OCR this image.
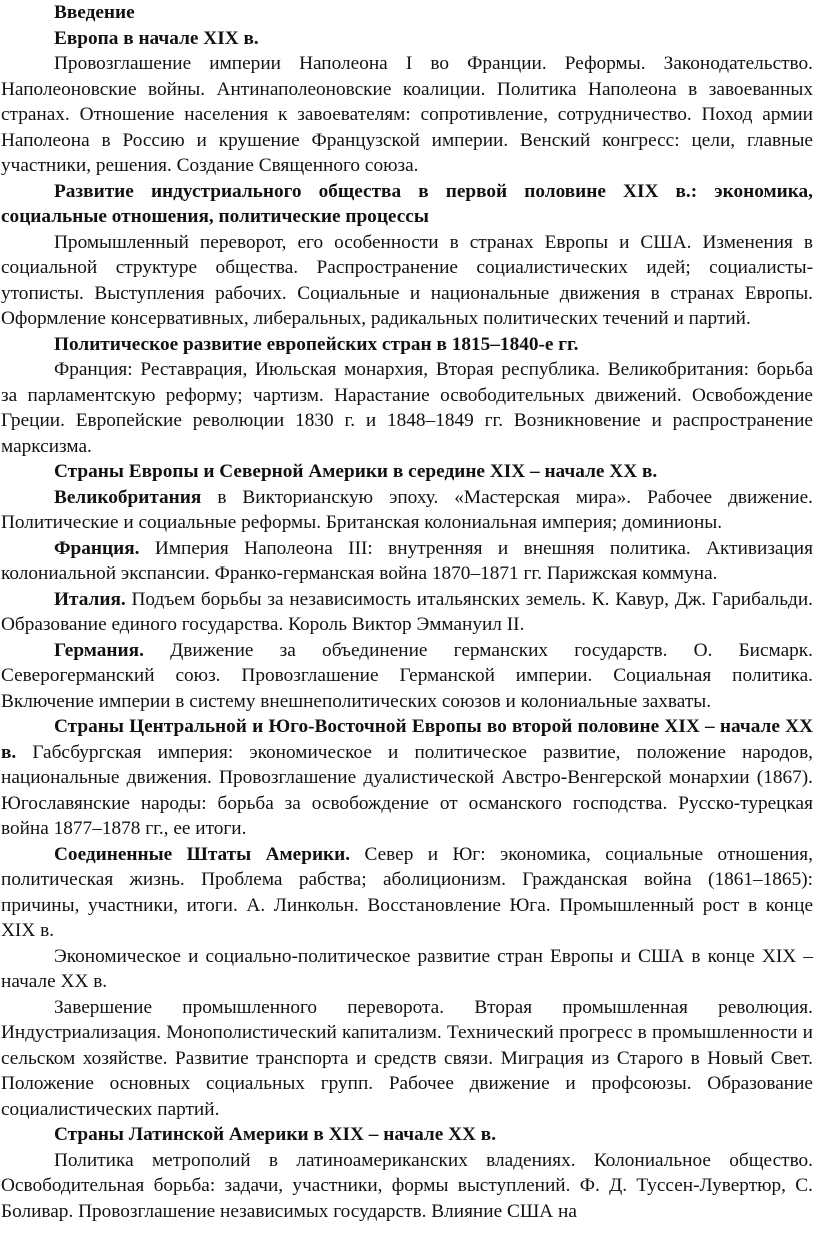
Введение

Европа в начале XIX в.

Провозглашение империи Наполеона I во Франции. Реформы. Законодательство. Наполеоновские войны. Антинаполеоновские коалиции. Политика Наполеона в завоеванных странах. Отношение населения к завоевателям: сопротивление, сотрудничество. Поход армии Наполеона в Россию и крушение Французской империи. Венский конгресс: цели, главные участники, решения. Создание Священного союза.

Развитие индустриального общества в первой половине XIX в.: экономика, социальные отношения, политические процессы

Промышленный переворот, его особенности в странах Европы и США. Изменения в социальной структуре общества. Распространение социалистических идей; социалисты-утописты. Выступления рабочих. Социальные и национальные движения в странах Европы. Оформление консервативных, либеральных, радикальных политических течений и партий.

Политическое развитие европейских стран в 1815–1840-е гг.

Франция: Реставрация, Июльская монархия, Вторая республика. Великобритания: борьба за парламентскую реформу; чартизм. Нарастание освободительных движений. Освобождение Греции. Европейские революции 1830 г. и 1848–1849 гг. Возникновение и распространение марксизма.

Страны Европы и Северной Америки в середине XIX – начале XX в.

Великобритания в Викторианскую эпоху. «Мастерская мира». Рабочее движение. Политические и социальные реформы. Британская колониальная империя; доминионы.

Франция. Империя Наполеона III: внутренняя и внешняя политика. Активизация колониальной экспансии. Франко-германская война 1870–1871 гг. Парижская коммуна.

Италия. Подъем борьбы за независимость итальянских земель. К. Кавур, Дж. Гарибальди. Образование единого государства. Король Виктор Эммануил II.

Германия. Движение за объединение германских государств. О. Бисмарк. Северогерманский союз. Провозглашение Германской империи. Социальная политика. Включение империи в систему внешнеполитических союзов и колониальные захваты.

Страны Центральной и Юго-Восточной Европы во второй половине XIX – начале XX в. Габсбургская империя: экономическое и политическое развитие, положение народов, национальные движения. Провозглашение дуалистической Австро-Венгерской монархии (1867). Югославянские народы: борьба за освобождение от османского господства. Русско-турецкая война 1877–1878 гг., ее итоги.

Соединенные Штаты Америки. Север и Юг: экономика, социальные отношения, политическая жизнь. Проблема рабства; аболиционизм. Гражданская война (1861–1865): причины, участники, итоги. А. Линкольн. Восстановление Юга. Промышленный рост в конце XIX в.

Экономическое и социально-политическое развитие стран Европы и США в конце XIX – начале XX в.

Завершение промышленного переворота. Вторая промышленная революция. Индустриализация. Монополистический капитализм. Технический прогресс в промышленности и сельском хозяйстве. Развитие транспорта и средств связи. Миграция из Старого в Новый Свет. Положение основных социальных групп. Рабочее движение и профсоюзы. Образование социалистических партий.

Страны Латинской Америки в XIX – начале XX в.

Политика метрополий в латиноамериканских владениях. Колониальное общество. Освободительная борьба: задачи, участники, формы выступлений. Ф. Д. Туссен-Лувертюр, С. Боливар. Провозглашение независимых государств. Влияние США на
